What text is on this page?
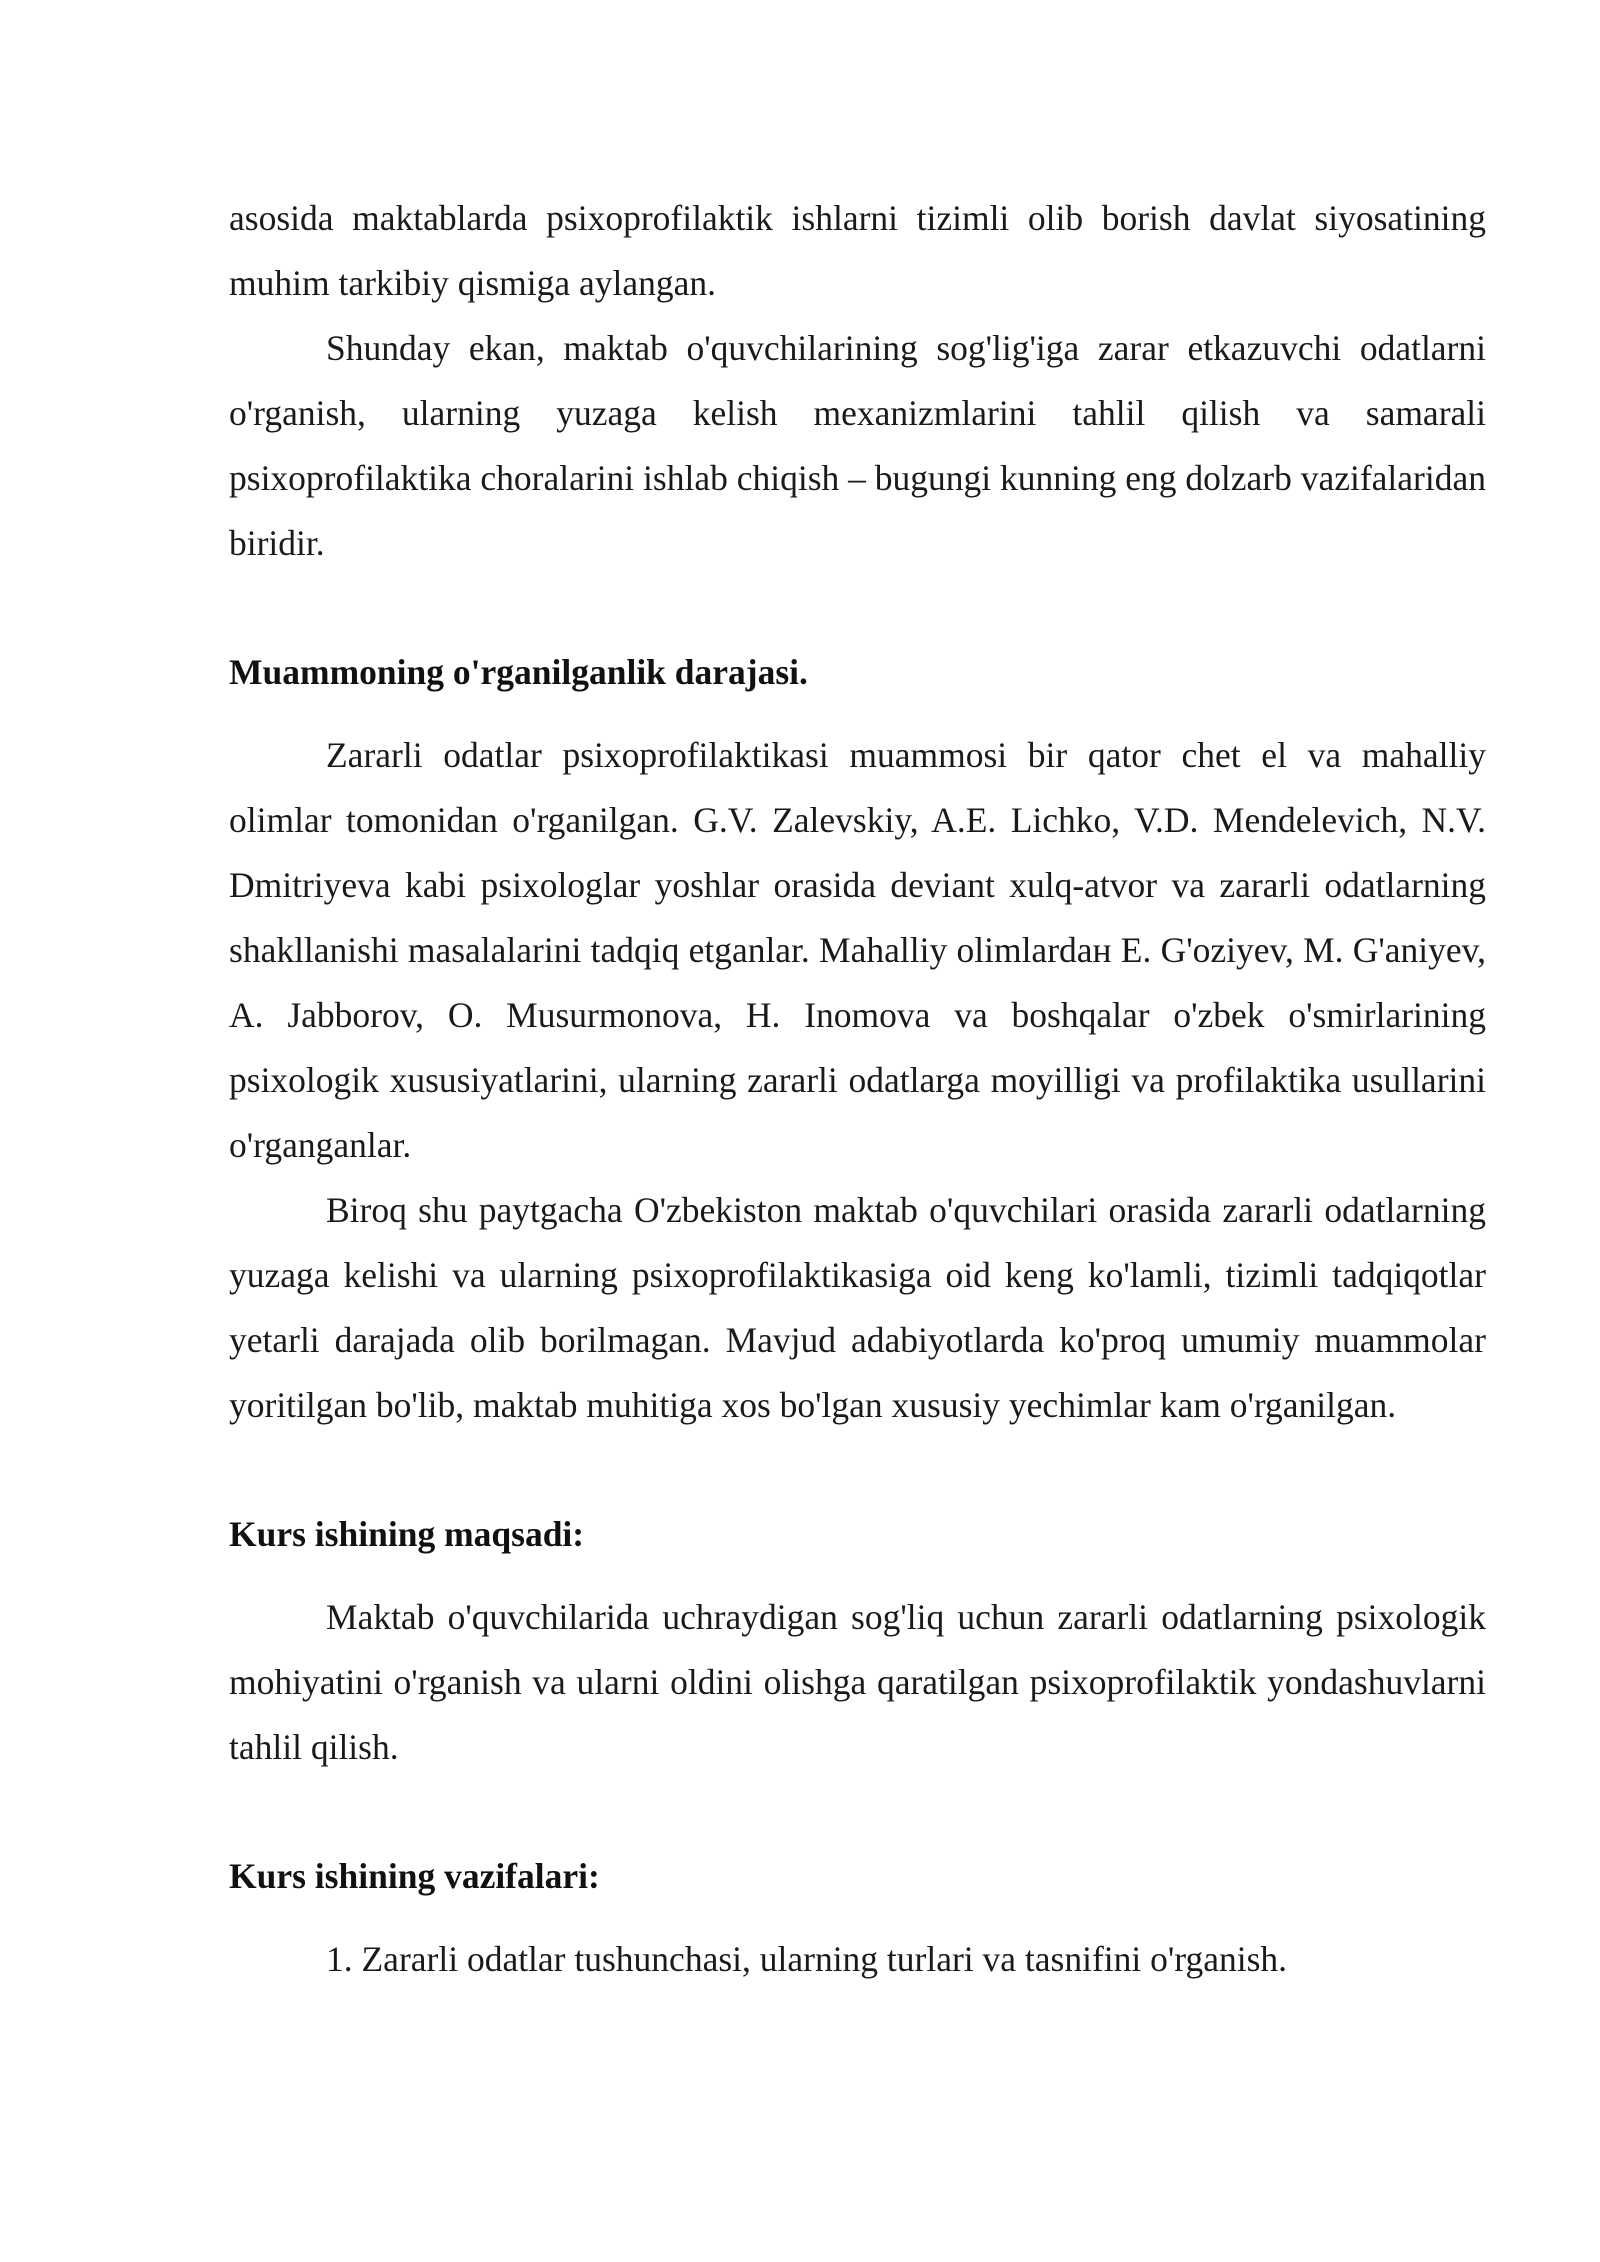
asosida maktablarda psixoprofilaktik ishlarni tizimli olib borish davlat siyosatining muhim tarkibiy qismiga aylangan.

Shunday ekan, maktab o'quvchilarining sog'lig'iga zarar etkazuvchi odatlarni o'rganish, ularning yuzaga kelish mexanizmlarini tahlil qilish va samarali psixoprofilaktika choralarini ishlab chiqish – bugungi kunning eng dolzarb vazifalaridan biridir.

Muammoning o'rganilganlik darajasi.

Zararli odatlar psixoprofilaktikasi muammosi bir qator chet el va mahalliy olimlar tomonidan o'rganilgan. G.V. Zalevskiy, A.E. Lichko, V.D. Mendelevich, N.V. Dmitriyeva kabi psixologlar yoshlar orasida deviant xulq-atvor va zararli odatlarning shakllanishi masalalarini tadqiq etganlar. Mahalliy olimlardaн E. G'oziyev, M. G'aniyev, A. Jabborov, O. Musurmonova, H. Inomova va boshqalar o'zbek o'smirlarining psixologik xususiyatlarini, ularning zararli odatlarga moyilligi va profilaktika usullarini o'rganganlar.

Biroq shu paytgacha O'zbekiston maktab o'quvchilari orasida zararli odatlarning yuzaga kelishi va ularning psixoprofilaktikasiga oid keng ko'lamli, tizimli tadqiqotlar yetarli darajada olib borilmagan. Mavjud adabiyotlarda ko'proq umumiy muammolar yoritilgan bo'lib, maktab muhitiga xos bo'lgan xususiy yechimlar kam o'rganilgan.

Kurs ishining maqsadi:

Maktab o'quvchilarida uchraydigan sog'liq uchun zararli odatlarning psixologik mohiyatini o'rganish va ularni oldini olishga qaratilgan psixoprofilaktik yondashuvlarni tahlil qilish.

Kurs ishining vazifalari:

1. Zararli odatlar tushunchasi, ularning turlari va tasnifini o'rganish.
